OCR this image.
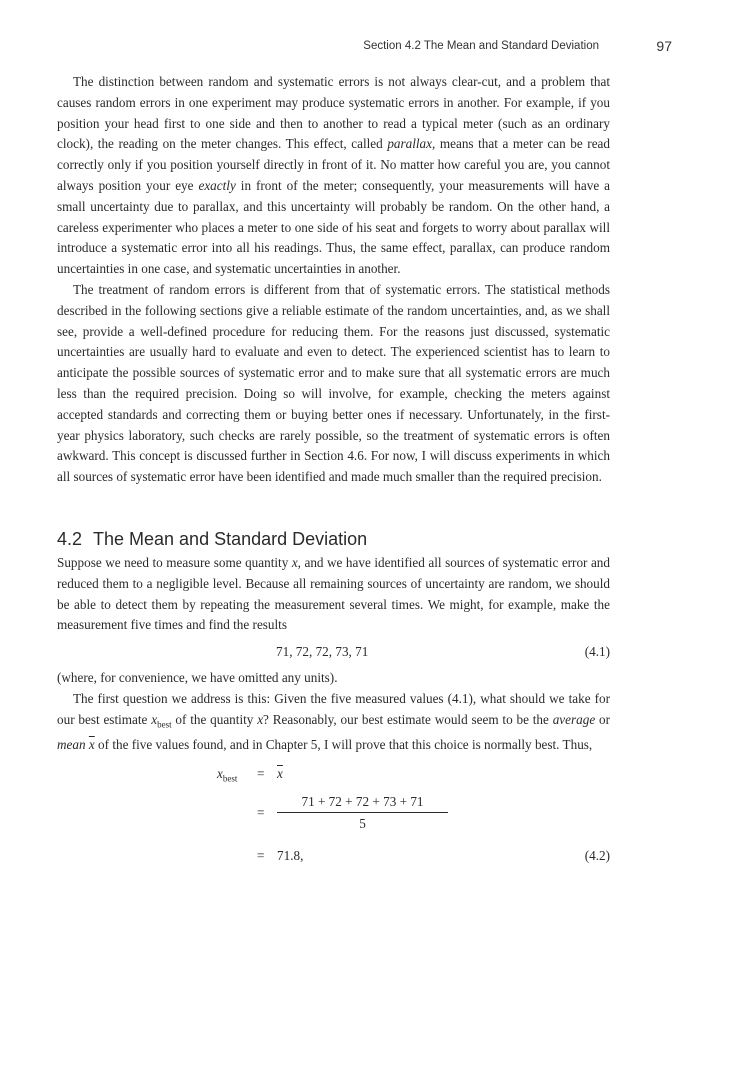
Section 4.2 The Mean and Standard Deviation	97

The distinction between random and systematic errors is not always clear-cut, and a problem that causes random errors in one experiment may produce systematic errors in another. For example, if you position your head first to one side and then to another to read a typical meter (such as an ordinary clock), the reading on the meter changes. This effect, called parallax, means that a meter can be read correctly only if you position yourself directly in front of it. No matter how careful you are, you cannot always position your eye exactly in front of the meter; consequently, your measurements will have a small uncertainty due to parallax, and this uncertainty will probably be random. On the other hand, a careless experimenter who places a meter to one side of his seat and forgets to worry about parallax will introduce a systematic error into all his readings. Thus, the same effect, parallax, can produce random uncertainties in one case, and systematic uncertainties in another.

The treatment of random errors is different from that of systematic errors. The statistical methods described in the following sections give a reliable estimate of the random uncertainties, and, as we shall see, provide a well-defined procedure for reducing them. For the reasons just discussed, systematic uncertainties are usually hard to evaluate and even to detect. The experienced scientist has to learn to anticipate the possible sources of systematic error and to make sure that all systematic errors are much less than the required precision. Doing so will involve, for example, checking the meters against accepted standards and correcting them or buying better ones if necessary. Unfortunately, in the first-year physics laboratory, such checks are rarely possible, so the treatment of systematic errors is often awkward. This concept is discussed further in Section 4.6. For now, I will discuss experiments in which all sources of systematic error have been identified and made much smaller than the required precision.

4.2 The Mean and Standard Deviation

Suppose we need to measure some quantity x, and we have identified all sources of systematic error and reduced them to a negligible level. Because all remaining sources of uncertainty are random, we should be able to detect them by repeating the measurement several times. We might, for example, make the measurement five times and find the results

71, 72, 72, 73, 71	(4.1)

(where, for convenience, we have omitted any units).

The first question we address is this: Given the five measured values (4.1), what should we take for our best estimate $x_{best}$ of the quantity x? Reasonably, our best estimate would seem to be the average or mean $\overline{x}$ of the five values found, and in Chapter 5, I will prove that this choice is normally best. Thus,

$x_{best} = \overline{x}$
=
71 + 72 + 72 + 73 + 71
5
= 71.8,	(4.2)
